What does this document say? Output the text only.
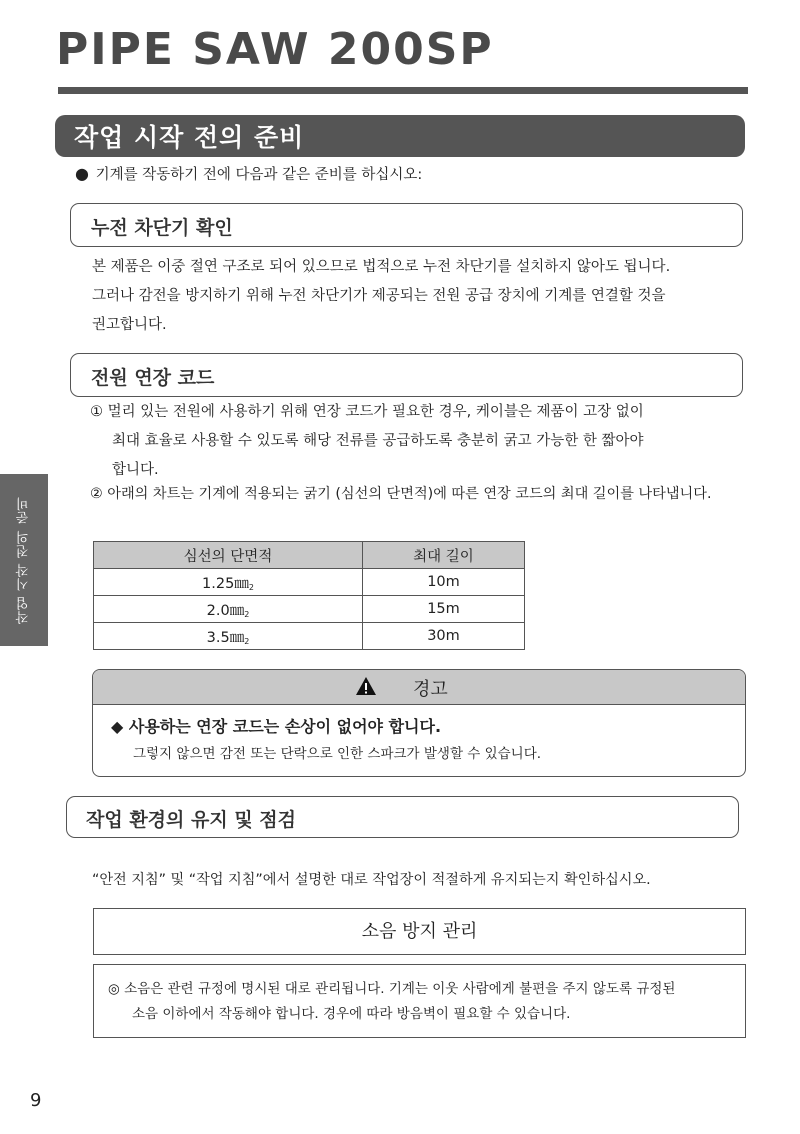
PIPE SAW 200SP
작업 시작 전의 준비
● 기계를 작동하기 전에 다음과 같은 준비를 하십시오:
누전 차단기 확인

본 제품은 이중 절연 구조로 되어 있으므로 법적으로 누전 차단기를 설치하지 않아도 됩니다.

그러나 감전을 방지하기 위해 누전 차단기가 제공되는 전원 공급 장치에 기계를 연결할 것을

권고합니다.

전원 연장 코드

① 멀리 있는 전원에 사용하기 위해 연장 코드가 필요한 경우, 케이블은 제품이 고장 없이

최대 효율로 사용할 수 있도록 해당 전류를 공급하도록 충분히 굵고 가능한 한 짧아야

합니다.

② 아래의 차트는 기계에 적용되는 굵기 (심선의 단면적)에 따른 연장 코드의 최대 길이를 나타냅니다.

심선의 단면적	최대 길이
$1.25㎜_2$	10m
$2.0㎜_2$	15m
$3.5㎜_2$	30m
경고
◆ 사용하는 연장 코드는 손상이 없어야 합니다.
그렇지 않으면 감전 또는 단락으로 인한 스파크가 발생할 수 있습니다.
작업 환경의 유지 및 점검

“안전 지침” 및 “작업 지침”에서 설명한 대로 작업장이 적절하게 유지되는지 확인하십시오.

소음 방지 관리

◎ 소음은 관련 규정에 명시된 대로 관리됩니다. 기계는 이웃 사람에게 불편을 주지 않도록 규정된

소음 이하에서 작동해야 합니다. 경우에 따라 방음벽이 필요할 수 있습니다.

작업 시작 전의 준비
9
